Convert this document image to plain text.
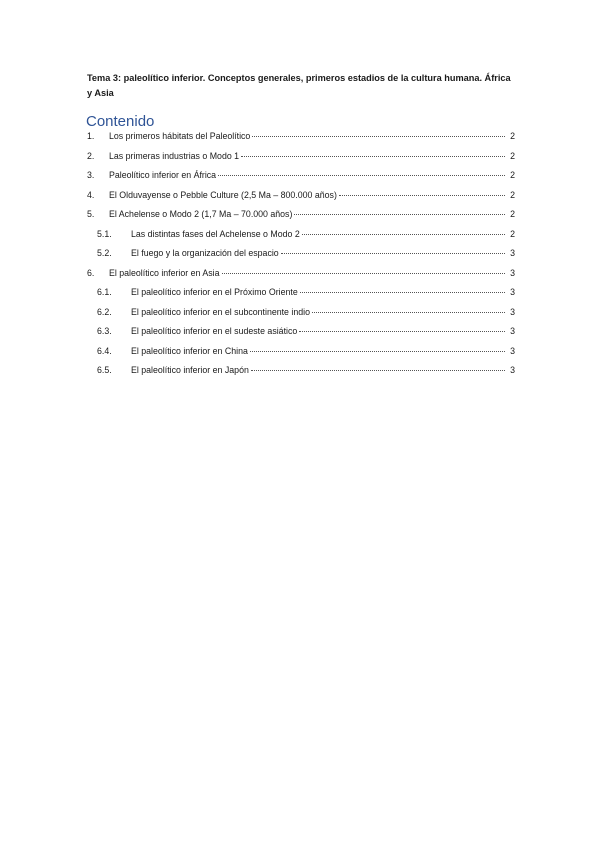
Tema 3: paleolítico inferior. Conceptos generales, primeros estadios de la cultura humana. África y Asia
Contenido
1.	Los primeros hábitats del Paleolítico	2
2.	Las primeras industrias o Modo 1	2
3.	Paleolítico inferior en África	2
4.	El Olduvayense o Pebble Culture (2,5 Ma – 800.000 años)	2
5.	El Achelense o Modo 2 (1,7 Ma – 70.000 años)	2
5.1.	Las distintas fases del Achelense o Modo 2	2
5.2.	El fuego y la organización del espacio	3
6.	El paleolítico inferior en Asia	3
6.1.	El paleolítico inferior en el Próximo Oriente	3
6.2.	El paleolítico inferior en el subcontinente indio	3
6.3.	El paleolítico inferior en el sudeste asiático	3
6.4.	El paleolítico inferior en China	3
6.5.	El paleolítico inferior en Japón	3
